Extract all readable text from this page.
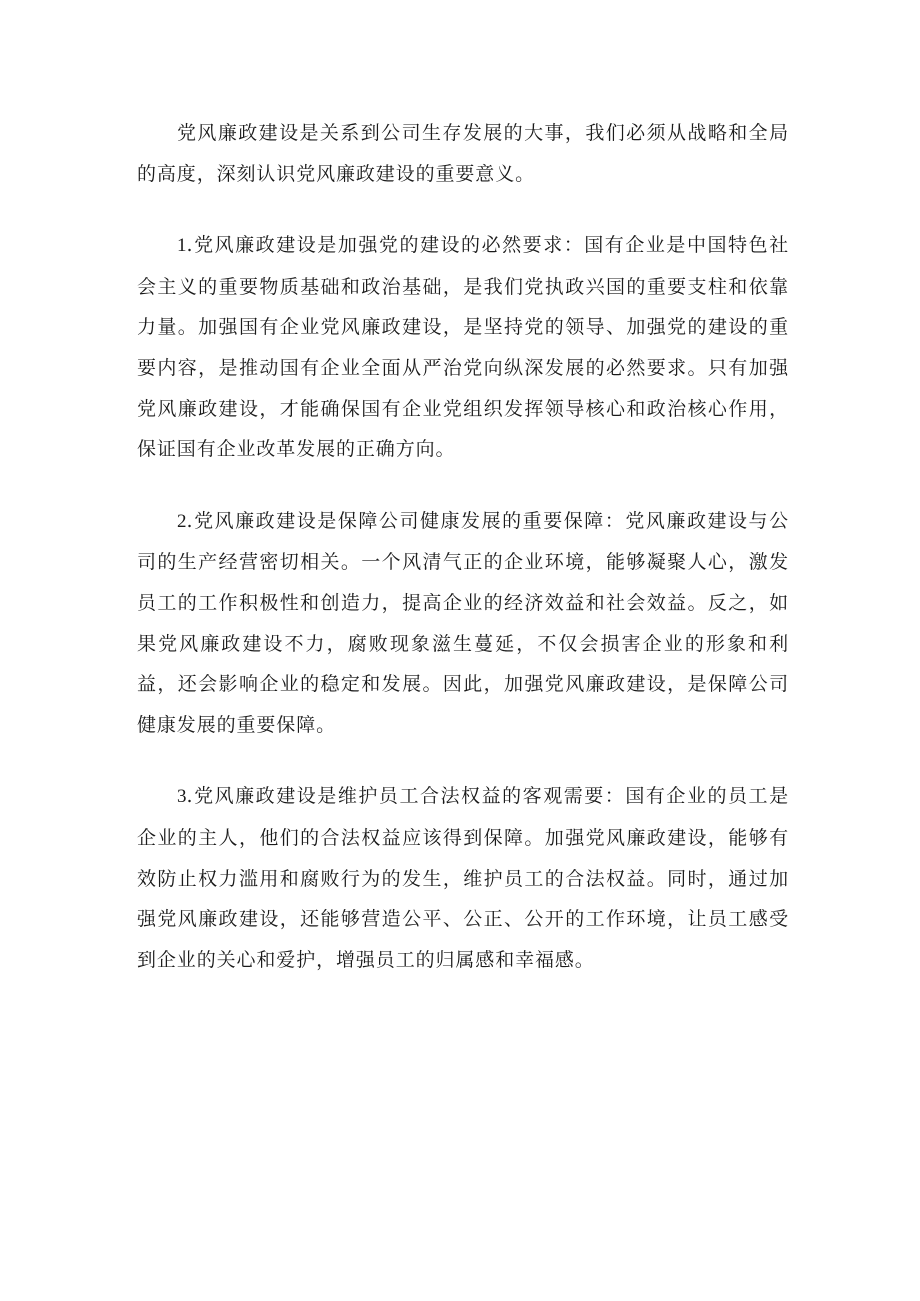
党风廉政建设是关系到公司生存发展的大事，我们必须从战略和全局的高度，深刻认识党风廉政建设的重要意义。

1.党风廉政建设是加强党的建设的必然要求：国有企业是中国特色社会主义的重要物质基础和政治基础，是我们党执政兴国的重要支柱和依靠力量。加强国有企业党风廉政建设，是坚持党的领导、加强党的建设的重要内容，是推动国有企业全面从严治党向纵深发展的必然要求。只有加强党风廉政建设，才能确保国有企业党组织发挥领导核心和政治核心作用，保证国有企业改革发展的正确方向。

2.党风廉政建设是保障公司健康发展的重要保障：党风廉政建设与公司的生产经营密切相关。一个风清气正的企业环境，能够凝聚人心，激发员工的工作积极性和创造力，提高企业的经济效益和社会效益。反之，如果党风廉政建设不力，腐败现象滋生蔓延，不仅会损害企业的形象和利益，还会影响企业的稳定和发展。因此，加强党风廉政建设，是保障公司健康发展的重要保障。

3.党风廉政建设是维护员工合法权益的客观需要：国有企业的员工是企业的主人，他们的合法权益应该得到保障。加强党风廉政建设，能够有效防止权力滥用和腐败行为的发生，维护员工的合法权益。同时，通过加强党风廉政建设，还能够营造公平、公正、公开的工作环境，让员工感受到企业的关心和爱护，增强员工的归属感和幸福感。
